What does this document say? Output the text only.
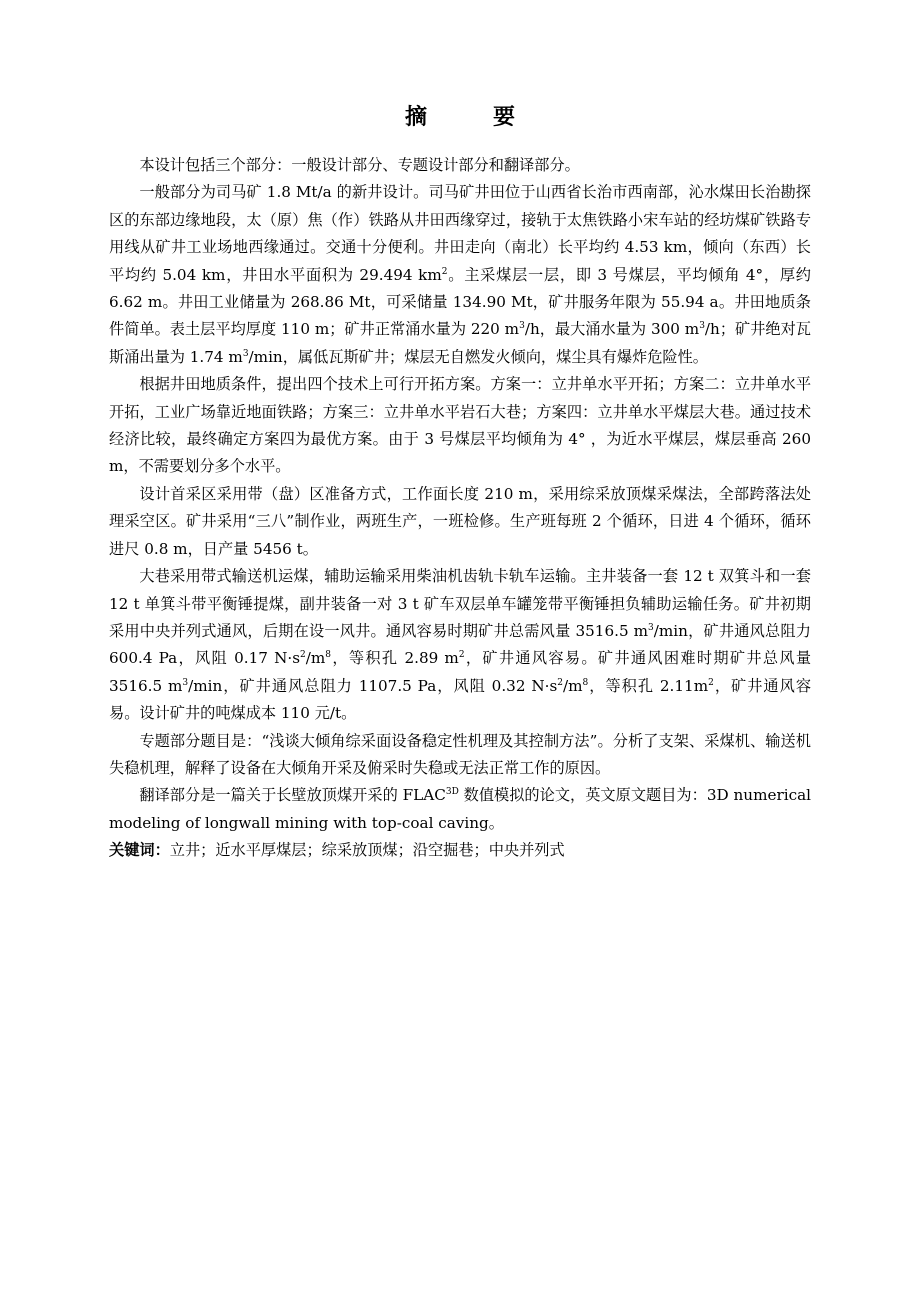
摘　要

本设计包括三个部分：一般设计部分、专题设计部分和翻译部分。

一般部分为司马矿 1.8 Mt/a 的新井设计。司马矿井田位于山西省长治市西南部，沁水煤田长治勘探区的东部边缘地段，太（原）焦（作）铁路从井田西缘穿过，接轨于太焦铁路小宋车站的经坊煤矿铁路专用线从矿井工业场地西缘通过。交通十分便利。井田走向（南北）长平均约 4.53 km，倾向（东西）长平均约 5.04 km，井田水平面积为 29.494 $km^2$。主采煤层一层，即 3 号煤层，平均倾角 4°，厚约 6.62 m。井田工业储量为 268.86 Mt，可采储量 134.90 Mt，矿井服务年限为 55.94 a。井田地质条件简单。表土层平均厚度 110 m；矿井正常涌水量为 220 $m^3/h$，最大涌水量为 300 $m^3/h$；矿井绝对瓦斯涌出量为 1.74 $m^3/\min$，属低瓦斯矿井；煤层无自燃发火倾向，煤尘具有爆炸危险性。

根据井田地质条件，提出四个技术上可行开拓方案。方案一：立井单水平开拓；方案二：立井单水平开拓，工业广场靠近地面铁路；方案三：立井单水平岩石大巷；方案四：立井单水平煤层大巷。通过技术经济比较，最终确定方案四为最优方案。由于 3 号煤层平均倾角为 4° ，为近水平煤层，煤层垂高 260 m，不需要划分多个水平。

设计首采区采用带（盘）区准备方式，工作面长度 210 m，采用综采放顶煤采煤法，全部跨落法处理采空区。矿井采用“三八”制作业，两班生产，一班检修。生产班每班 2 个循环，日进 4 个循环，循环进尺 0.8 m，日产量 5456 t。

大巷采用带式输送机运煤，辅助运输采用柴油机齿轨卡轨车运输。主井装备一套 12 t 双箕斗和一套 12 t 单箕斗带平衡锤提煤，副井装备一对 3 t 矿车双层单车罐笼带平衡锤担负辅助运输任务。矿井初期采用中央并列式通风，后期在设一风井。通风容易时期矿井总需风量 3516.5 $m^3/\min$，矿井通风总阻力 600.4 Pa，风阻 0.17 $N\cdot s^2/m^8$，等积孔 2.89 $m^2$，矿井通风容易。矿井通风困难时期矿井总风量 3516.5 $m^3/\min$，矿井通风总阻力 1107.5 Pa，风阻 0.32 $N\cdot s^2/m^8$，等积孔 $2.11m^2$，矿井通风容易。设计矿井的吨煤成本 110 元/t。

专题部分题目是：“浅谈大倾角综采面设备稳定性机理及其控制方法”。分析了支架、采煤机、输送机失稳机理，解释了设备在大倾角开采及俯采时失稳或无法正常工作的原因。

翻译部分是一篇关于长壁放顶煤开采的 $FLAC^{3D}$ 数值模拟的论文，英文原文题目为：3D numerical modeling of longwall mining with top-coal caving。

关键词：立井；近水平厚煤层；综采放顶煤；沿空掘巷；中央并列式
